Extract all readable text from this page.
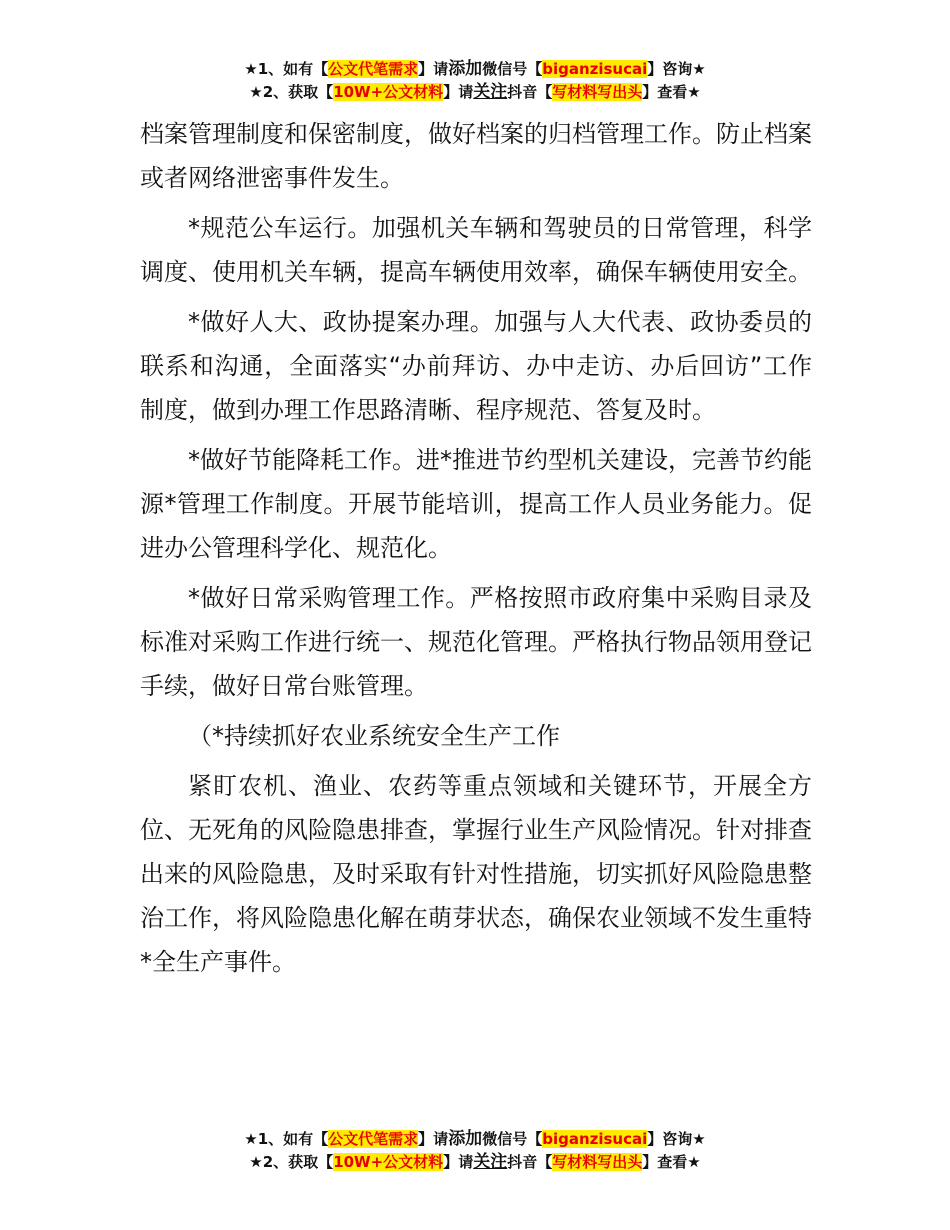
★1、如有【公文代笔需求】请添加微信号【biganzisucai】咨询★
★2、获取【10W+公文材料】请关注抖音【写材料写出头】查看★

档案管理制度和保密制度，做好档案的归档管理工作。防止档案或者网络泄密事件发生。

*规范公车运行。加强机关车辆和驾驶员的日常管理，科学调度、使用机关车辆，提高车辆使用效率，确保车辆使用安全。

*做好人大、政协提案办理。加强与人大代表、政协委员的联系和沟通，全面落实“办前拜访、办中走访、办后回访”工作制度，做到办理工作思路清晰、程序规范、答复及时。

*做好节能降耗工作。进*推进节约型机关建设，完善节约能源*管理工作制度。开展节能培训，提高工作人员业务能力。促进办公管理科学化、规范化。

*做好日常采购管理工作。严格按照市政府集中采购目录及标准对采购工作进行统一、规范化管理。严格执行物品领用登记手续，做好日常台账管理。

（*持续抓好农业系统安全生产工作

紧盯农机、渔业、农药等重点领域和关键环节，开展全方位、无死角的风险隐患排查，掌握行业生产风险情况。针对排查出来的风险隐患，及时采取有针对性措施，切实抓好风险隐患整治工作，将风险隐患化解在萌芽状态，确保农业领域不发生重特*全生产事件。

★1、如有【公文代笔需求】请添加微信号【biganzisucai】咨询★
★2、获取【10W+公文材料】请关注抖音【写材料写出头】查看★
